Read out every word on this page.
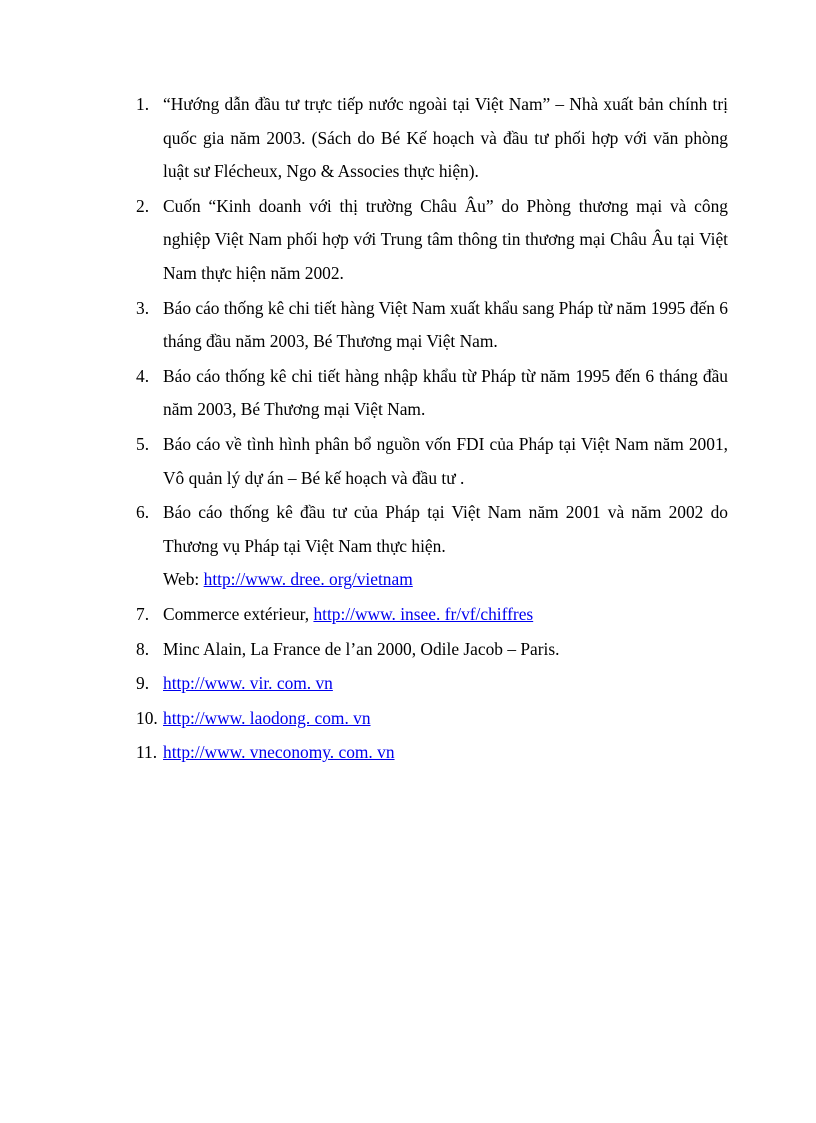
1. “Hướng dẫn đầu tư trực tiếp nước ngoài tại Việt Nam” – Nhà xuất bản chính trị quốc gia năm 2003. (Sách do Bé Kế hoạch và đầu tư phối hợp với văn phòng luật sư Flécheux, Ngo & Associes thực hiện).
2. Cuốn “Kinh doanh với thị trường Châu Âu” do Phòng thương mại và công nghiệp Việt Nam phối hợp với Trung tâm thông tin thương mại Châu Âu tại Việt Nam thực hiện năm 2002.
3. Báo cáo thống kê chi tiết hàng Việt Nam xuất khẩu sang Pháp từ năm 1995 đến 6 tháng đầu năm 2003, Bé Thương mại Việt Nam.
4. Báo cáo thống kê chi tiết hàng nhập khẩu từ Pháp từ năm 1995 đến 6 tháng đầu năm 2003, Bé Thương mại Việt Nam.
5. Báo cáo về tình hình phân bổ nguồn vốn FDI của Pháp tại Việt Nam năm 2001, Vô quản lý dự án – Bé kế hoạch và đầu tư .
6. Báo cáo thống kê đầu tư của Pháp tại Việt Nam năm 2001 và năm 2002 do Thương vụ Pháp tại Việt Nam thực hiện.
Web: http://www. dree. org/vietnam
7. Commerce extérieur, http://www. insee. fr/vf/chiffres
8. Minc Alain, La France de l’an 2000, Odile Jacob – Paris.
9. http://www. vir. com. vn
10. http://www. laodong. com. vn
11. http://www. vneconomy. com. vn
